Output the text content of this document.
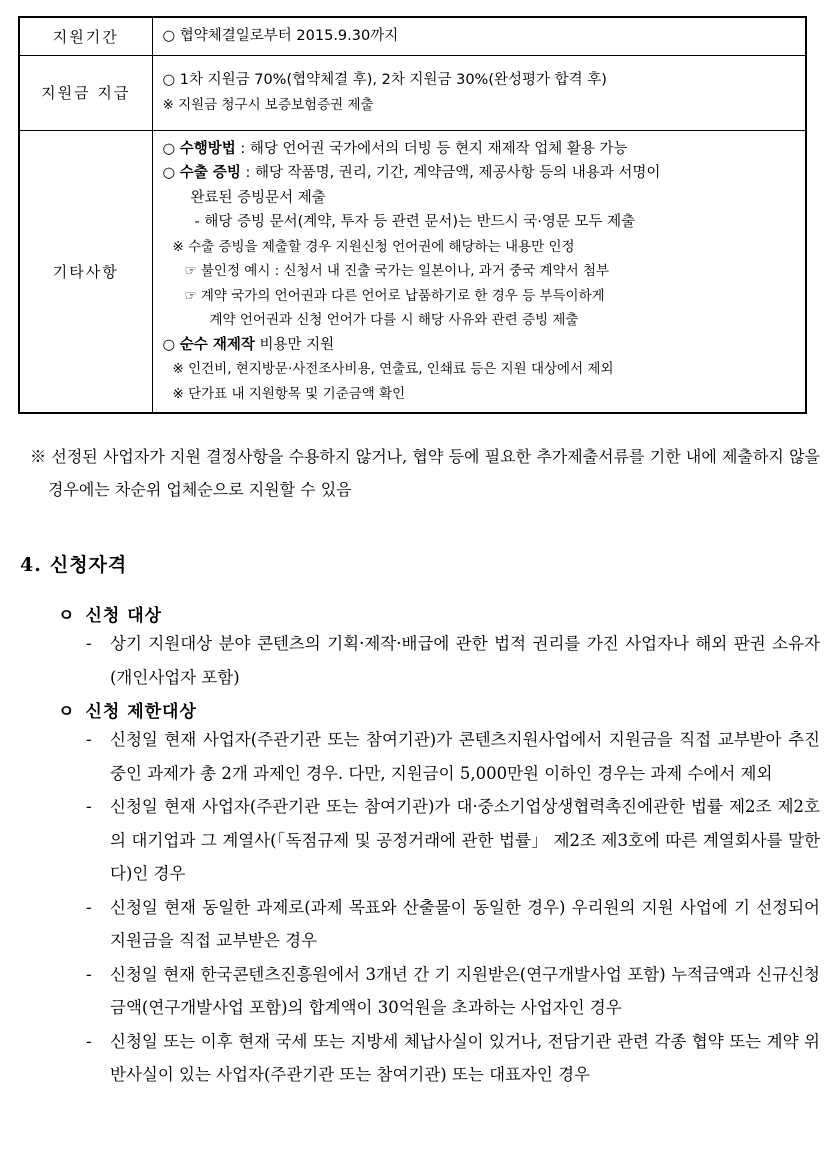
지원기간	○ 협약체결일로부터 2015.9.30까지

지원금 지급	○ 1차 지원금 70%(협약체결 후), 2차 지원금 30%(완성평가 합격 후)
※ 지원금 청구시 보증보험증권 제출

기타사항	
○ 수행방법 : 해당 언어권 국가에서의 더빙 등 현지 재제작 업체 활용 가능
○ 수출 증빙 : 해당 작품명, 권리, 기간, 계약금액, 제공사항 등의 내용과 서명이
완료된 증빙문서 제출
- 해당 증빙 문서(계약, 투자 등 관련 문서)는 반드시 국·영문 모두 제출
※ 수출 증빙을 제출할 경우 지원신청 언어권에 해당하는 내용만 인정
☞ 불인정 예시 : 신청서 내 진출 국가는 일본이나, 과거 중국 계약서 첨부
☞ 계약 국가의 언어권과 다른 언어로 납품하기로 한 경우 등 부득이하게
계약 언어권과 신청 언어가 다를 시 해당 사유와 관련 증빙 제출
○ 순수 재제작 비용만 지원
※ 인건비, 현지방문·사전조사비용, 연출료, 인쇄료 등은 지원 대상에서 제외
※ 단가표 내 지원항목 및 기준금액 확인

※ 선정된 사업자가 지원 결정사항을 수용하지 않거나, 협약 등에 필요한 추가제출서류를 기한 내에 제출하지 않을 경우에는 차순위 업체순으로 지원할 수 있음

4. 신청자격
ㅇ 신청 대상
-	상기 지원대상 분야 콘텐츠의 기획·제작·배급에 관한 법적 권리를 가진 사업자나 해외 판권 소유자(개인사업자 포함)
ㅇ 신청 제한대상
-	신청일 현재 사업자(주관기관 또는 참여기관)가 콘텐츠지원사업에서 지원금을 직접 교부받아 추진 중인 과제가 총 2개 과제인 경우. 다만, 지원금이 5,000만원 이하인 경우는 과제 수에서 제외
-	신청일 현재 사업자(주관기관 또는 참여기관)가 대·중소기업상생협력촉진에관한 법률 제2조 제2호의 대기업과 그 계열사(「독점규제 및 공정거래에 관한 법률」 제2조 제3호에 따른 계열회사를 말한다)인 경우
-	신청일 현재 동일한 과제로(과제 목표와 산출물이 동일한 경우) 우리원의 지원 사업에 기 선정되어 지원금을 직접 교부받은 경우
-	신청일 현재 한국콘텐츠진흥원에서 3개년 간 기 지원받은(연구개발사업 포함) 누적금액과 신규신청금액(연구개발사업 포함)의 합계액이 30억원을 초과하는 사업자인 경우
-	신청일 또는 이후 현재 국세 또는 지방세 체납사실이 있거나, 전담기관 관련 각종 협약 또는 계약 위반사실이 있는 사업자(주관기관 또는 참여기관) 또는 대표자인 경우
